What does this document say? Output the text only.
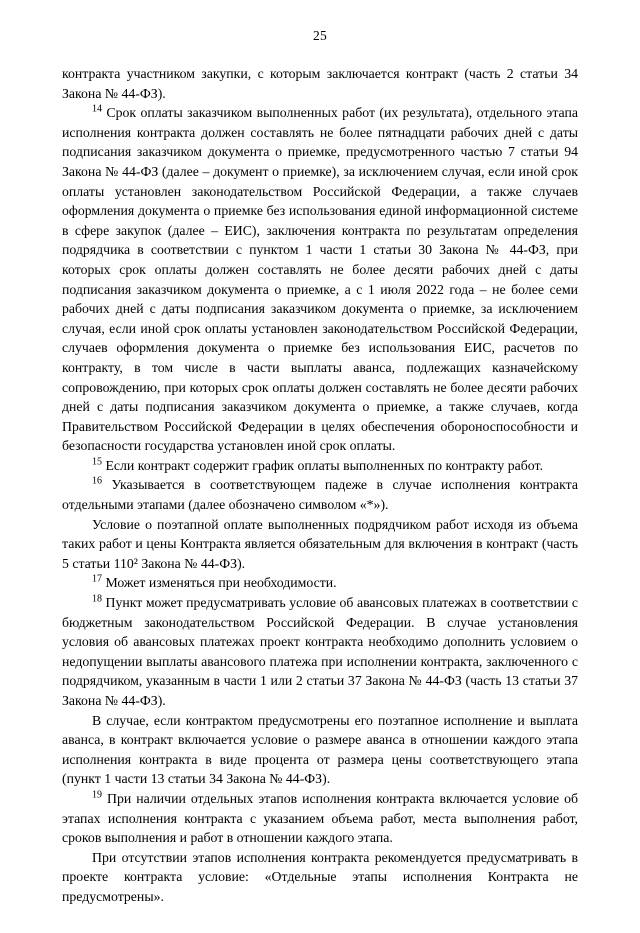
25

контракта участником закупки, с которым заключается контракт (часть 2 статьи 34 Закона № 44-ФЗ).

$^{14}$ Срок оплаты заказчиком выполненных работ (их результата), отдельного этапа исполнения контракта должен составлять не более пятнадцати рабочих дней с даты подписания заказчиком документа о приемке, предусмотренного частью 7 статьи 94 Закона № 44-ФЗ (далее – документ о приемке), за исключением случая, если иной срок оплаты установлен законодательством Российской Федерации, а также случаев оформления документа о приемке без использования единой информационной системе в сфере закупок (далее – ЕИС), заключения контракта по результатам определения подрядчика в соответствии с пунктом 1 части 1 статьи 30 Закона № 44-ФЗ, при которых срок оплаты должен составлять не более десяти рабочих дней с даты подписания заказчиком документа о приемке, а с 1 июля 2022 года – не более семи рабочих дней с даты подписания заказчиком документа о приемке, за исключением случая, если иной срок оплаты установлен законодательством Российской Федерации, случаев оформления документа о приемке без использования ЕИС, расчетов по контракту, в том числе в части выплаты аванса, подлежащих казначейскому сопровождению, при которых срок оплаты должен составлять не более десяти рабочих дней с даты подписания заказчиком документа о приемке, а также случаев, когда Правительством Российской Федерации в целях обеспечения обороноспособности и безопасности государства установлен иной срок оплаты.

$^{15}$ Если контракт содержит график оплаты выполненных по контракту работ.

$^{16}$ Указывается в соответствующем падеже в случае исполнения контракта отдельными этапами (далее обозначено символом «*»).

Условие о поэтапной оплате выполненных подрядчиком работ исходя из объема таких работ и цены Контракта является обязательным для включения в контракт (часть 5 статьи 110² Закона № 44-ФЗ).

$^{17}$ Может изменяться при необходимости.

$^{18}$ Пункт может предусматривать условие об авансовых платежах в соответствии с бюджетным законодательством Российской Федерации. В случае установления условия об авансовых платежах проект контракта необходимо дополнить условием о недопущении выплаты авансового платежа при исполнении контракта, заключенного с подрядчиком, указанным в части 1 или 2 статьи 37 Закона № 44-ФЗ (часть 13 статьи 37 Закона № 44-ФЗ).

В случае, если контрактом предусмотрены его поэтапное исполнение и выплата аванса, в контракт включается условие о размере аванса в отношении каждого этапа исполнения контракта в виде процента от размера цены соответствующего этапа (пункт 1 части 13 статьи 34 Закона № 44-ФЗ).

$^{19}$ При наличии отдельных этапов исполнения контракта включается условие об этапах исполнения контракта с указанием объема работ, места выполнения работ, сроков выполнения и работ в отношении каждого этапа.

При отсутствии этапов исполнения контракта рекомендуется предусматривать в проекте контракта условие: «Отдельные этапы исполнения Контракта не предусмотрены».
